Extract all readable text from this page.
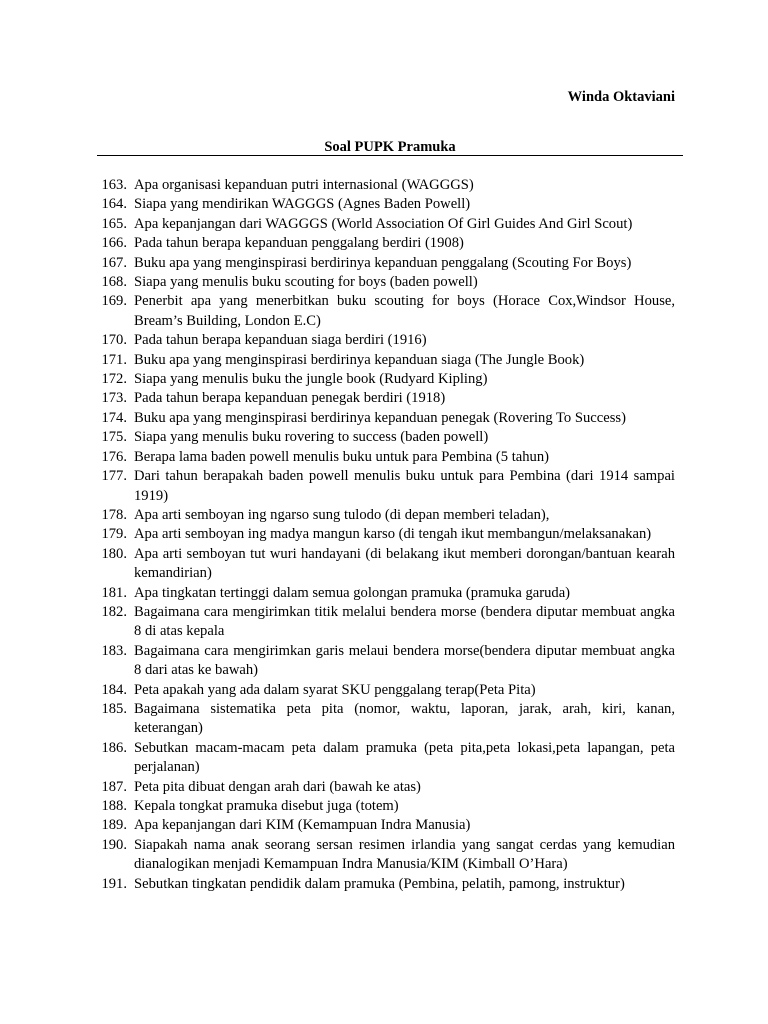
Winda Oktaviani
Soal PUPK Pramuka
163. Apa organisasi kepanduan putri internasional (WAGGGS)
164. Siapa yang mendirikan WAGGGS (Agnes Baden Powell)
165. Apa kepanjangan dari WAGGGS (World Association Of Girl Guides And Girl Scout)
166. Pada tahun berapa kepanduan penggalang berdiri (1908)
167. Buku apa yang menginspirasi berdirinya kepanduan penggalang (Scouting For Boys)
168. Siapa yang menulis buku scouting for boys (baden powell)
169. Penerbit apa yang menerbitkan buku scouting for boys (Horace Cox,Windsor House, Bream’s Building, London E.C)
170. Pada tahun berapa kepanduan siaga berdiri (1916)
171. Buku apa yang menginspirasi berdirinya kepanduan siaga (The Jungle Book)
172. Siapa yang menulis buku the jungle book (Rudyard Kipling)
173. Pada tahun berapa kepanduan penegak berdiri (1918)
174. Buku apa yang menginspirasi berdirinya kepanduan penegak (Rovering To Success)
175. Siapa yang menulis buku rovering to success (baden powell)
176. Berapa lama baden powell menulis buku untuk para Pembina (5 tahun)
177. Dari tahun berapakah baden powell menulis buku untuk para Pembina (dari 1914 sampai 1919)
178. Apa arti semboyan ing ngarso sung tulodo (di depan memberi teladan),
179. Apa arti semboyan ing madya mangun karso (di tengah ikut membangun/melaksanakan)
180. Apa arti semboyan tut wuri handayani (di belakang ikut memberi dorongan/bantuan kearah kemandirian)
181. Apa tingkatan tertinggi dalam semua golongan pramuka (pramuka garuda)
182. Bagaimana cara mengirimkan titik melalui bendera morse (bendera diputar membuat angka 8 di atas kepala
183. Bagaimana cara mengirimkan garis melaui bendera morse(bendera diputar membuat angka 8 dari atas ke bawah)
184. Peta apakah yang ada dalam syarat SKU penggalang terap(Peta Pita)
185. Bagaimana sistematika peta pita (nomor, waktu, laporan, jarak, arah, kiri, kanan, keterangan)
186. Sebutkan macam-macam peta dalam pramuka (peta pita,peta lokasi,peta lapangan, peta perjalanan)
187. Peta pita dibuat dengan arah dari (bawah ke atas)
188. Kepala tongkat pramuka disebut juga (totem)
189. Apa kepanjangan dari KIM (Kemampuan Indra Manusia)
190. Siapakah nama anak seorang sersan resimen irlandia yang sangat cerdas yang kemudian dianalogikan menjadi Kemampuan Indra Manusia/KIM (Kimball O’Hara)
191. Sebutkan tingkatan pendidik dalam pramuka (Pembina, pelatih, pamong, instruktur)
